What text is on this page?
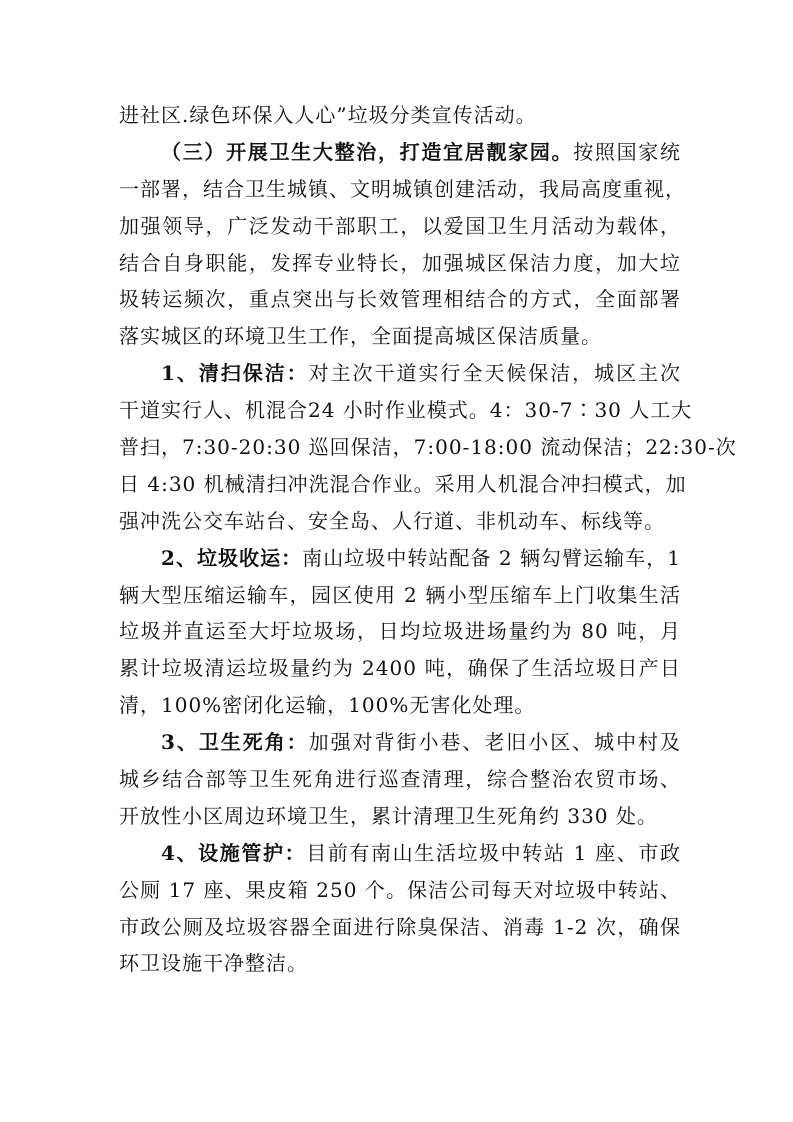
进社区.绿色环保入人心”垃圾分类宣传活动。
（三）开展卫生大整治，打造宜居靓家园。按照国家统
一部署，结合卫生城镇、文明城镇创建活动，我局高度重视，
加强领导，广泛发动干部职工，以爱国卫生月活动为载体，
结合自身职能，发挥专业特长，加强城区保洁力度，加大垃
圾转运频次，重点突出与长效管理相结合的方式，全面部署
落实城区的环境卫生工作，全面提高城区保洁质量。
1、清扫保洁：对主次干道实行全天候保洁，城区主次
干道实行人、机混合24 小时作业模式。4：30-7∶30 人工大
普扫，7:30-20:30 巡回保洁，7:00-18:00 流动保洁；22:30-次
日 4:30 机械清扫冲洗混合作业。采用人机混合冲扫模式，加
强冲洗公交车站台、安全岛、人行道、非机动车、标线等。
2、垃圾收运：南山垃圾中转站配备 2 辆勾臂运输车，1
辆大型压缩运输车，园区使用 2 辆小型压缩车上门收集生活
垃圾并直运至大圩垃圾场，日均垃圾进场量约为 80 吨，月
累计垃圾清运垃圾量约为 2400 吨，确保了生活垃圾日产日
清，100%密闭化运输，100%无害化处理。
3、卫生死角：加强对背街小巷、老旧小区、城中村及
城乡结合部等卫生死角进行巡查清理，综合整治农贸市场、
开放性小区周边环境卫生，累计清理卫生死角约 330 处。
4、设施管护：目前有南山生活垃圾中转站 1 座、市政
公厕 17 座、果皮箱 250 个。保洁公司每天对垃圾中转站、
市政公厕及垃圾容器全面进行除臭保洁、消毒 1-2 次，确保
环卫设施干净整洁。
